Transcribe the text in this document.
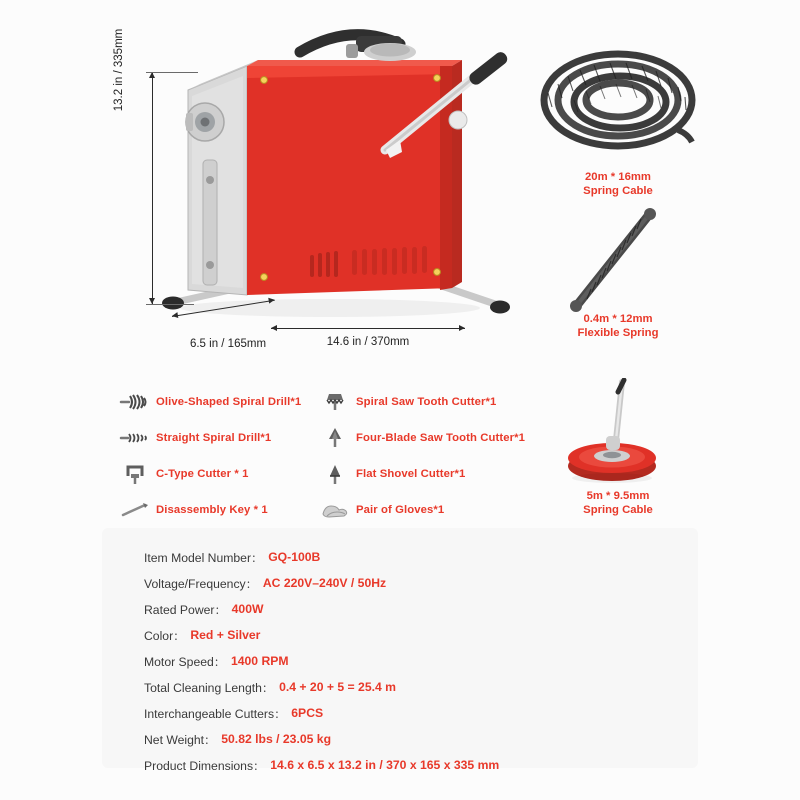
13.2 in / 335mm
14.6 in / 370mm
6.5 in / 165mm
20m * 16mm
Spring Cable
0.4m * 12mm
Flexible Spring
5m * 9.5mm
Spring Cable
Olive-Shaped Spiral Drill*1	Spiral Saw Tooth Cutter*1
Straight Spiral Drill*1	Four-Blade Saw Tooth Cutter*1
C-Type Cutter * 1	Flat Shovel Cutter*1
Disassembly Key * 1	Pair of Gloves*1
Item Model Number： GQ-100B
Voltage/Frequency： AC 220V–240V / 50Hz
Rated Power： 400W
Color： Red + Silver
Motor Speed： 1400 RPM
Total Cleaning Length： 0.4 + 20 + 5 = 25.4 m
Interchangeable Cutters： 6PCS
Net Weight： 50.82 lbs / 23.05 kg
Product Dimensions： 14.6 x 6.5 x 13.2 in / 370 x 165 x 335 mm
